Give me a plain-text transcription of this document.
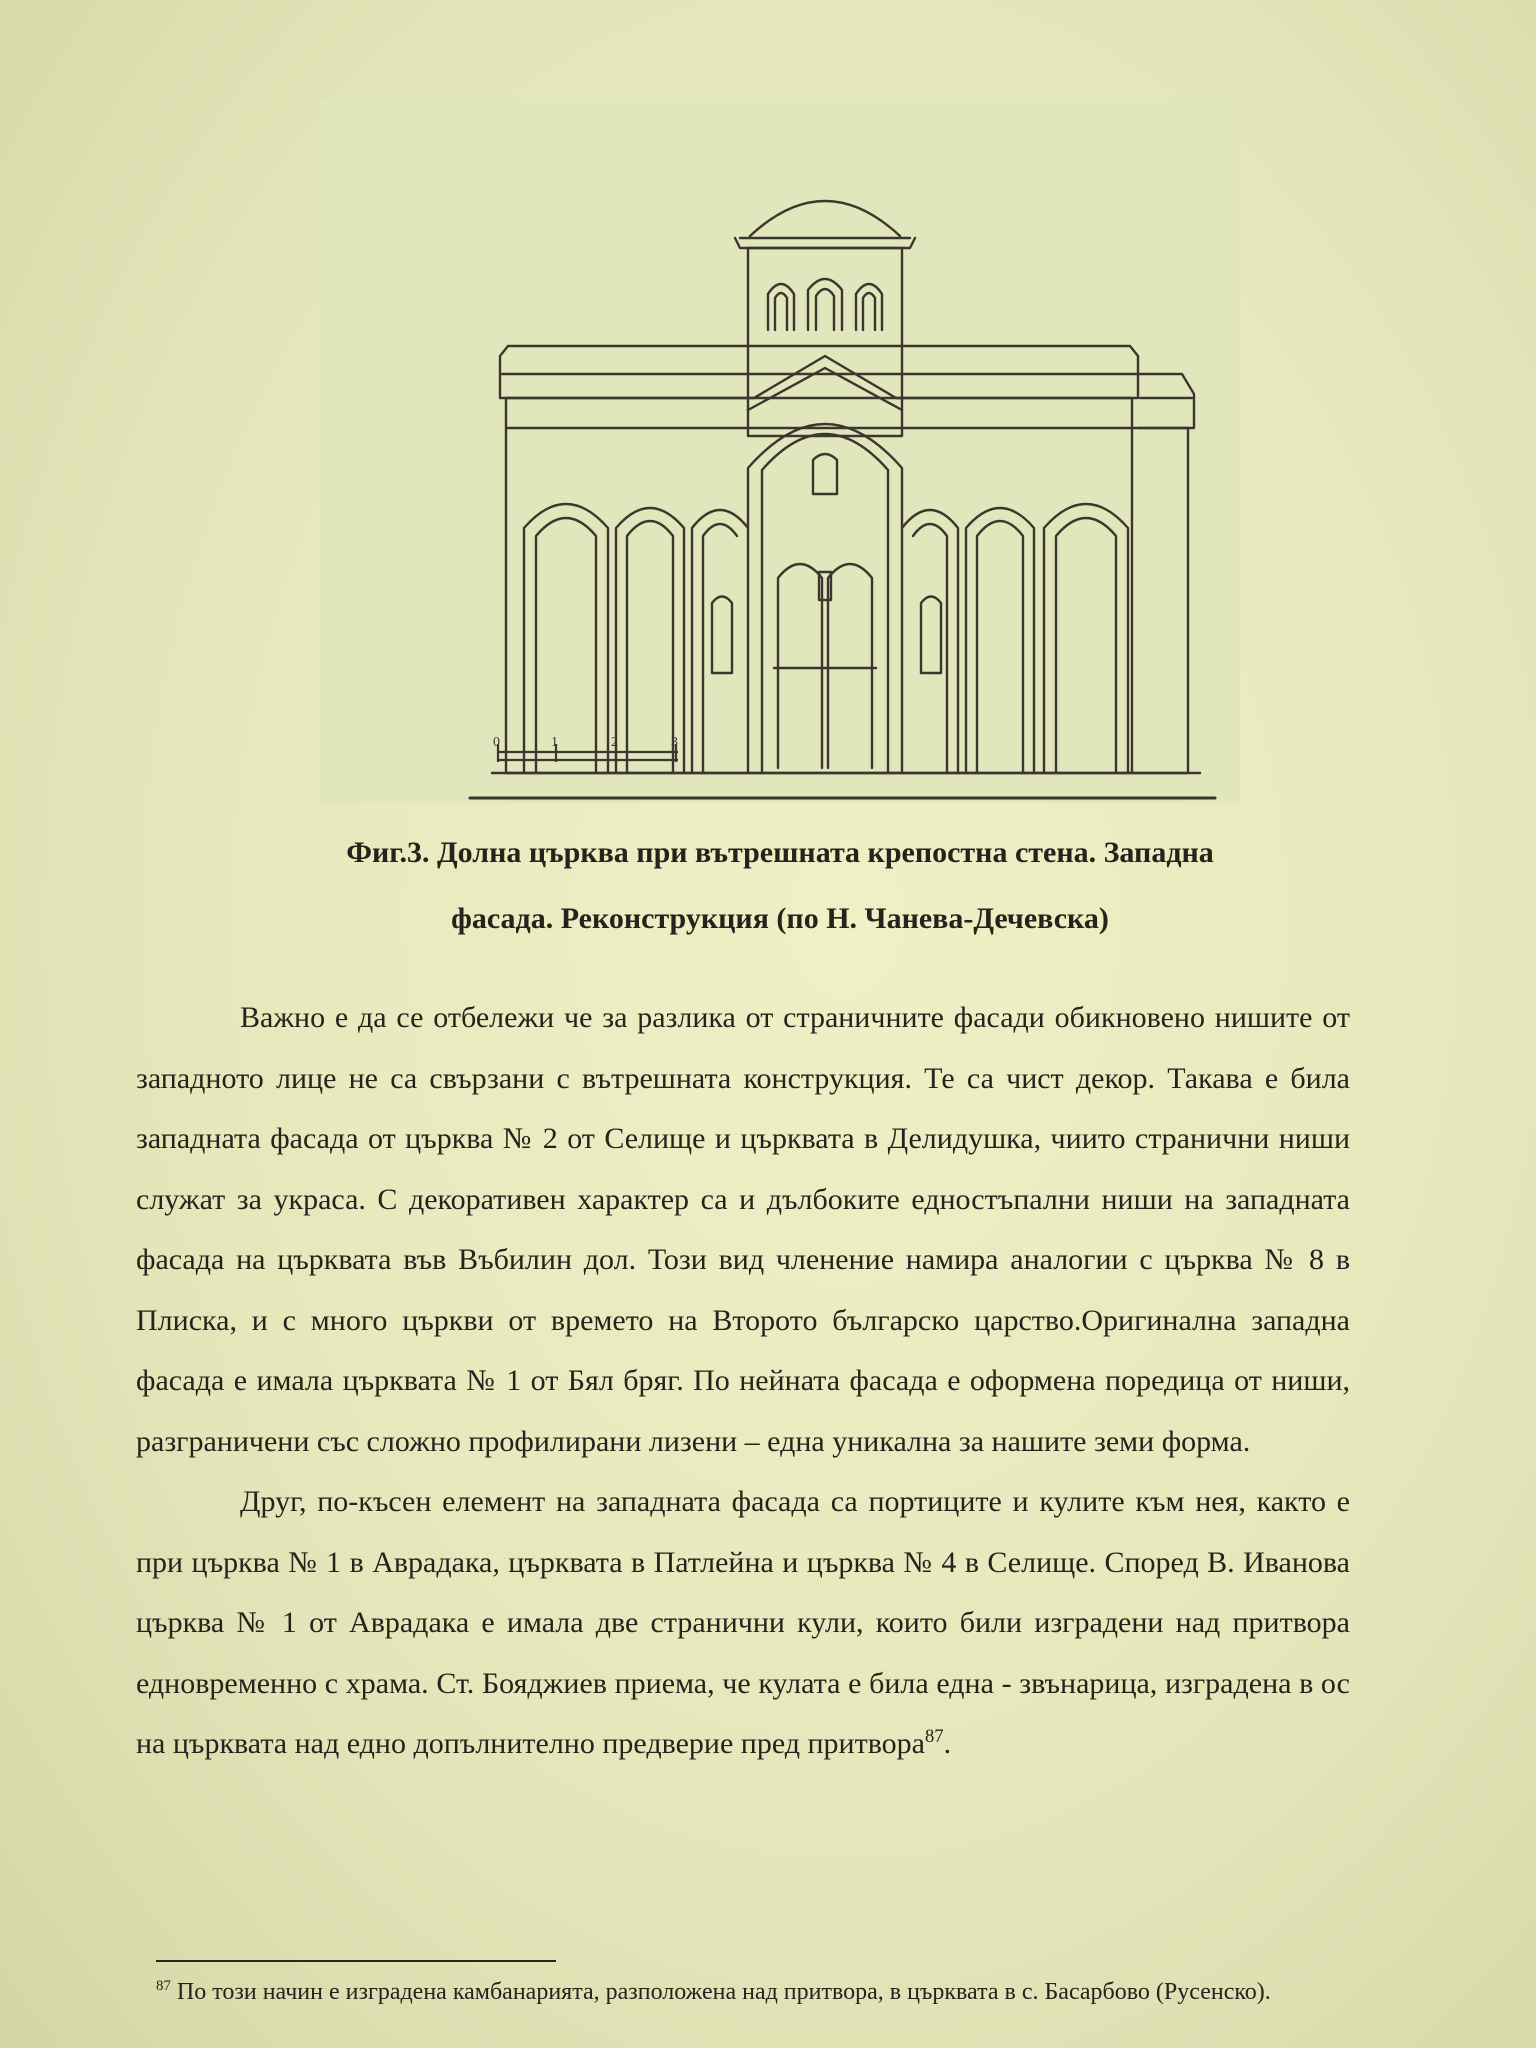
0	1	2	3
Фиг.3. Долна църква при вътрешната крепостна стена. Западна
фасада. Реконструкция (по Н. Чанева-Дечевска)

Важно е да се отбележи че за разлика от страничните фасади обикновено нишите от западното лице не са свързани с вътрешната конструкция. Те са чист декор. Такава е била западната фасада от църква № 2 от Селище и църквата в Делидушка, чиито странични ниши служат за украса. С декоративен характер са и дълбоките едностъпални ниши на западната фасада на църквата във Въбилин дол. Този вид членение намира аналогии с църква № 8 в Плиска, и с много църкви от времето на Второто българско царство.Оригинална западна фасада е имала църквата № 1 от Бял бряг. По нейната фасада е оформена поредица от ниши, разграничени със сложно профилирани лизени – една уникална за нашите земи форма.

Друг, по-късен елемент на западната фасада са портиците и кулите към нея, както е при църква № 1 в Аврадака, църквата в Патлейна и църква № 4 в Селище. Според В. Иванова църква № 1 от Аврадака е имала две странични кули, които били изградени над притвора едновременно с храма. Ст. Бояджиев приема, че кулата е била една - звънарица, изградена в ос на църквата над едно допълнително предверие пред притвора$^{87}$.

$^{87}$ По този начин е изградена камбанарията, разположена над притвора, в църквата в с. Басарбово (Русенско).
